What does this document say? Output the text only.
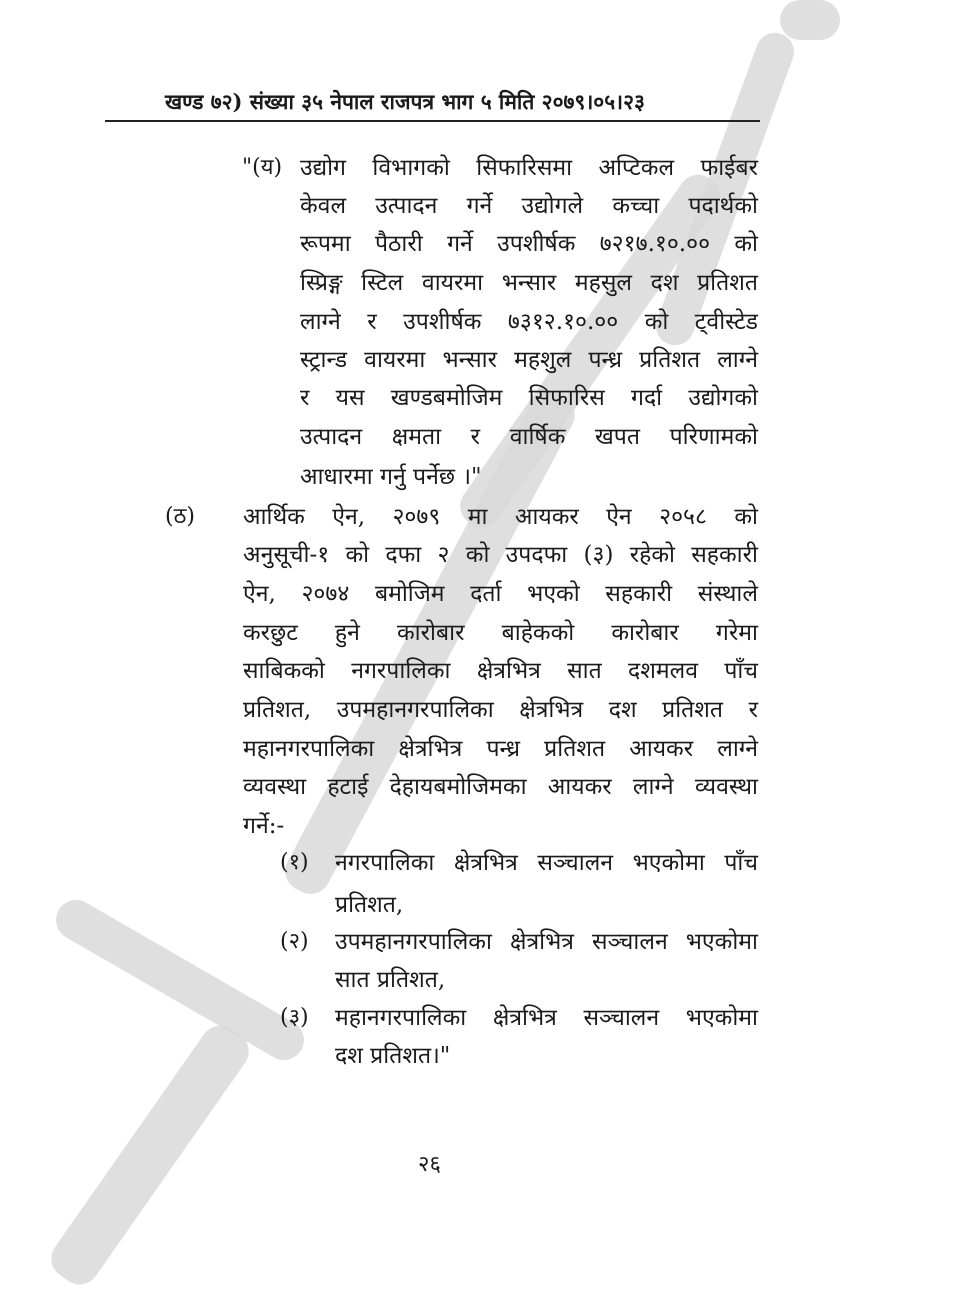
खण्ड ७२) संख्या ३५ नेपाल राजपत्र भाग ५ मिति २०७९।०५।२३
"(य) उद्योग विभागको सिफारिसमा अप्टिकल फाईबर
केवल उत्पादन गर्ने उद्योगले कच्चा पदार्थको
रूपमा पैठारी गर्ने उपशीर्षक ७२१७.१०.०० को
स्प्रिङ्ग स्टिल वायरमा भन्सार महसुल दश प्रतिशत
लाग्ने र उपशीर्षक ७३१२.१०.०० को ट्वीस्टेड
स्ट्रान्ड वायरमा भन्सार महशुल पन्ध्र प्रतिशत लाग्ने
र यस खण्डबमोजिम सिफारिस गर्दा उद्योगको
उत्पादन क्षमता र वार्षिक खपत परिणामको
आधारमा गर्नु पर्नेछ ।"
(ठ) आर्थिक ऐन, २०७९ मा आयकर ऐन २०५८ को
अनुसूची-१ को दफा २ को उपदफा (३) रहेको सहकारी
ऐन, २०७४ बमोजिम दर्ता भएको सहकारी संस्थाले
करछुट हुने कारोबार बाहेकको कारोबार गरेमा
साबिकको नगरपालिका क्षेत्रभित्र सात दशमलव पाँच
प्रतिशत, उपमहानगरपालिका क्षेत्रभित्र दश प्रतिशत र
महानगरपालिका क्षेत्रभित्र पन्ध्र प्रतिशत आयकर लाग्ने
व्यवस्था हटाई देहायबमोजिमका आयकर लाग्ने व्यवस्था
गर्ने:-
(१) नगरपालिका क्षेत्रभित्र सञ्चालन भएकोमा पाँच
प्रतिशत,
(२) उपमहानगरपालिका क्षेत्रभित्र सञ्चालन भएकोमा
सात प्रतिशत,
(३) महानगरपालिका क्षेत्रभित्र सञ्चालन भएकोमा
दश प्रतिशत।"
२६
